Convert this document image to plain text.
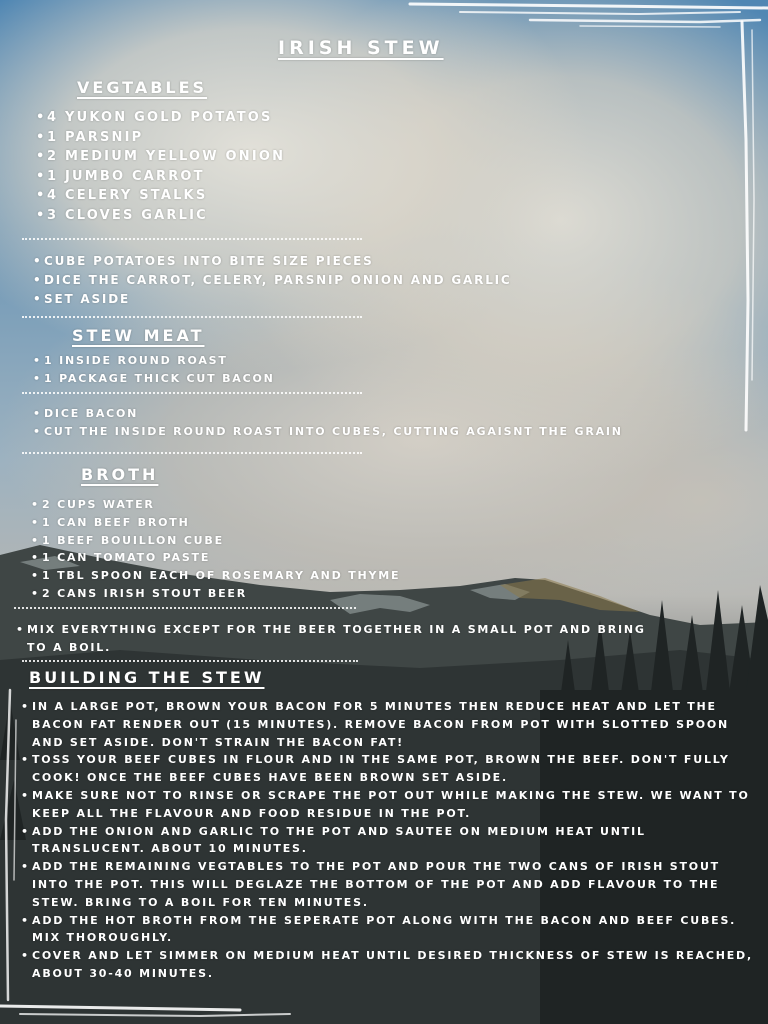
IRISH STEW
VEGTABLES
• 4 YUKON GOLD POTATOS
• 1 PARSNIP
• 2 MEDIUM YELLOW ONION
• 1 JUMBO CARROT
• 4 CELERY STALKS
• 3 CLOVES GARLIC
• CUBE POTATOES INTO BITE SIZE PIECES
• DICE THE CARROT, CELERY, PARSNIP ONION AND GARLIC
• SET ASIDE
STEW MEAT
• 1 INSIDE ROUND ROAST
• 1 PACKAGE THICK CUT BACON
• DICE BACON
• CUT THE INSIDE ROUND ROAST INTO CUBES, CUTTING AGAISNT THE GRAIN
BROTH
• 2 CUPS WATER
• 1 CAN BEEF BROTH
• 1 BEEF BOUILLON CUBE
• 1 CAN TOMATO PASTE
• 1 TBL SPOON EACH OF ROSEMARY AND THYME
• 2 CANS IRISH STOUT BEER
• MIX EVERYTHING EXCEPT FOR THE BEER TOGETHER IN A SMALL POT AND BRING TO A BOIL.
BUILDING THE STEW
• IN A LARGE POT, BROWN YOUR BACON FOR 5 MINUTES THEN REDUCE HEAT AND LET THE BACON FAT RENDER OUT (15 MINUTES). REMOVE BACON FROM POT WITH SLOTTED SPOON AND SET ASIDE. DON'T STRAIN THE BACON FAT!
• TOSS YOUR BEEF CUBES IN FLOUR AND IN THE SAME POT, BROWN THE BEEF. DON'T FULLY COOK! ONCE THE BEEF CUBES HAVE BEEN BROWN SET ASIDE.
• MAKE SURE NOT TO RINSE OR SCRAPE THE POT OUT WHILE MAKING THE STEW. WE WANT TO KEEP ALL THE FLAVOUR AND FOOD RESIDUE IN THE POT.
• ADD THE ONION AND GARLIC TO THE POT AND SAUTEE ON MEDIUM HEAT UNTIL TRANSLUCENT. ABOUT 10 MINUTES.
• ADD THE REMAINING VEGTABLES TO THE POT AND POUR THE TWO CANS OF IRISH STOUT INTO THE POT. THIS WILL DEGLAZE THE BOTTOM OF THE POT AND ADD FLAVOUR TO THE STEW. BRING TO A BOIL FOR TEN MINUTES.
• ADD THE HOT BROTH FROM THE SEPERATE POT ALONG WITH THE BACON AND BEEF CUBES. MIX THOROUGHLY.
• COVER AND LET SIMMER ON MEDIUM HEAT UNTIL DESIRED THICKNESS OF STEW IS REACHED, ABOUT 30-40 MINUTES.
